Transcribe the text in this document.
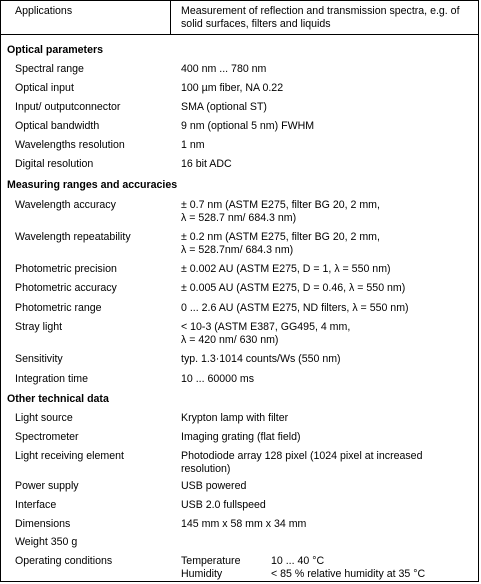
Applications	Measurement of reflection and transmission spectra, e.g. of
solid surfaces, filters and liquids
Optical parameters
Spectral range	400 nm ... 780 nm
Optical input	100 µm fiber, NA 0.22
Input/ outputconnector	SMA (optional ST)
Optical bandwidth	9 nm (optional 5 nm) FWHM
Wavelengths resolution	1 nm
Digital resolution	16 bit ADC
Measuring ranges and accuracies
Wavelength accuracy	± 0.7 nm (ASTM E275, filter BG 20, 2 mm,
λ = 528.7 nm/ 684.3 nm)
Wavelength repeatability	± 0.2 nm (ASTM E275, filter BG 20, 2 mm,
λ = 528.7nm/ 684.3 nm)
Photometric precision	± 0.002 AU (ASTM E275, D = 1, λ = 550 nm)
Photometric accuracy	± 0.005 AU (ASTM E275, D = 0.46, λ = 550 nm)
Photometric range	0 ... 2.6 AU (ASTM E275, ND filters, λ = 550 nm)
Stray light	< 10-3 (ASTM E387, GG495, 4 mm,
λ = 420 nm/ 630 nm)
Sensitivity	typ. 1.3·1014 counts/Ws (550 nm)
Integration time	10 ... 60000 ms
Other technical data
Light source	Krypton lamp with filter
Spectrometer	Imaging grating (flat field)
Light receiving element	Photodiode array 128 pixel (1024 pixel at increased
resolution)
Power supply	USB powered
Interface	USB 2.0 fullspeed
Dimensions	145 mm x 58 mm x 34 mm
Weight 350 g
Operating conditions	Temperature	10 ... 40 °C
Humidity	< 85 % relative humidity at 35 °C
